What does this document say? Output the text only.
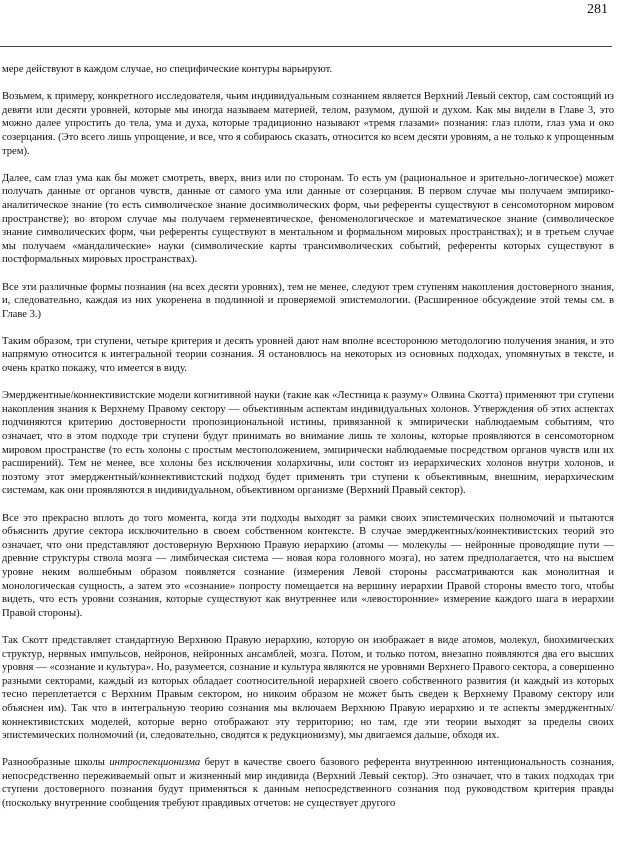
281

мере действуют в каждом случае, но специфические контуры варьируют.

Возьмем, к примеру, конкретного исследователя, чьим индивидуальным сознанием является Верхний Левый сектор, сам состоящий из девяти или десяти уровней, которые мы иногда называем материей, телом, разумом, душой и духом. Как мы видели в Главе 3, это можно далее упростить до тела, ума и духа, которые традиционно называют «тремя глазами» познания: глаз плоти, глаз ума и око созерцания. (Это всего лишь упрощение, и все, что я собираюсь сказать, относится ко всем десяти уровням, а не только к упрощенным трем).

Далее, сам глаз ума как бы может смотреть, вверх, вниз или по сторонам. То есть ум (рациональное и зрительно-логическое) может получать данные от органов чувств, данные от самого ума или данные от созерцания. В первом случае мы получаем эмпирико-аналитическое знание (то есть символическое знание досимволических форм, чьи референты существуют в сенсомоторном мировом пространстве); во втором случае мы получаем герменевтическое, феноменологическое и математическое знание (символическое знание символических форм, чьи референты существуют в ментальном и формальном мировых пространствах); и в третьем случае мы получаем «мандалические» науки (символические карты трансимволических событий, референты которых существуют в постформальных мировых пространствах).

Все эти различные формы познания (на всех десяти уровнях), тем не менее, следуют трем ступеням накопления достоверного знания, и, следовательно, каждая из них укоренена в подлинной и проверяемой эпистемологии. (Расширенное обсуждение этой темы см. в Главе 3.)

Таким образом, три ступени, четыре критерия и десять уровней дают нам вполне всесторонюю методологию получения знания, и это напрямую относится к интегральной теории сознания. Я остановлюсь на некоторых из основных подходах, упомянутых в тексте, и очень кратко покажу, что имеется в виду.

Эмерджентные/коннективистские модели когнитивной науки (такие как «Лестница к разуму» Олвина Скотта) применяют три ступени накопления знания к Верхнему Правому сектору — объективным аспектам индивидуальных холонов. Утверждения об этих аспектах подчиняются критерию достоверности пропозициональной истины, привязанной к эмпирически наблюдаемым событиям, что означает, что в этом подходе три ступени будут принимать во внимание лишь те холоны, которые проявляются в сенсомоторном мировом пространстве (то есть холоны с простым местоположением, эмпирически наблюдаемые посредством органов чувств или их расширений). Тем не менее, все холоны без исключения холархичны, или состоят из иерархических холонов внутри холонов, и поэтому этот эмерджентный/коннективистский подход будет применять три ступени к объективным, внешним, иерархическим системам, как они проявляются в индивидуальном, объективном организме (Верхний Правый сектор).

Все это прекрасно вплоть до того момента, когда эти подходы выходят за рамки своих эпистемических полномочий и пытаются объяснить другие сектора исключительно в своем собственном контексте. В случае эмерджентных/коннективистских теорий это означает, что они представляют достоверную Верхнюю Правую иерархию (атомы — молекулы — нейронные проводящие пути — древние структуры ствола мозга — лимбическая система — новая кора головного мозга), но затем предполагается, что на высшем уровне неким волшебным образом появляется сознание (измерения Левой стороны рассматриваются как монолитная и монологическая сущность, а затем это «сознание» попросту помещается на вершину иерархии Правой стороны вместо того, чтобы видеть, что есть уровни сознания, которые существуют как внутреннее или «левосторонние» измерение каждого шага в иерархии Правой стороны).

Так Скотт представляет стандартную Верхнюю Правую иерархию, которую он изображает в виде атомов, молекул, биохимических структур, нервных импульсов, нейронов, нейронных ансамблей, мозга. Потом, и только потом, внезапно появляются два его высших уровня — «сознание и культура». Но, разумеется, сознание и культура являются не уровнями Верхнего Правого сектора, а совершенно разными секторами, каждый из которых обладает соотносительной иерархией своего собственного развития (и каждый из которых тесно переплетается с Верхним Правым сектором, но никоим образом не может быть сведен к Верхнему Правому сектору или объяснен им). Так что в интегральную теорию сознания мы включаем Верхнюю Правую иерархию и те аспекты эмерджентных/коннективистских моделей, которые верно отображают эту территорию; но там, где эти теории выходят за пределы своих эпистемических полномочий (и, следовательно, сводятся к редукционизму), мы двигаемся дальше, обходя их.

Разнообразные школы интроспекционизма берут в качестве своего базового референта внутреннюю интенциональность сознания, непосредственно переживаемый опыт и жизненный мир индивида (Верхний Левый сектор). Это означает, что в таких подходах три ступени достоверного познания будут применяться к данным непосредственного сознания под руководством критерия правды (поскольку внутренние сообщения требуют правдивых отчетов: не существует другого
